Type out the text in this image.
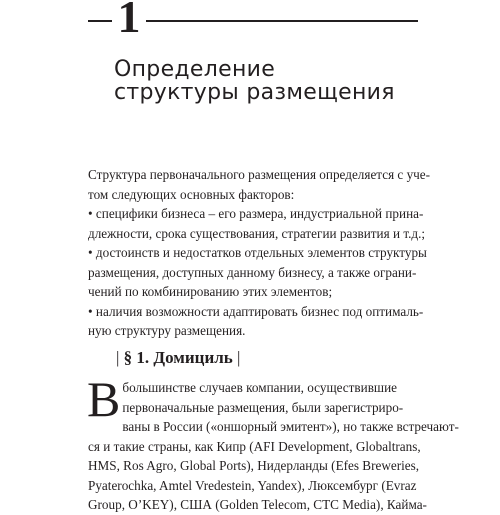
1
Определение
структуры размещения
Структура первоначального размещения определяется с уче-
том следующих основных факторов:
• специфики бизнеса – его размера, индустриальной прина-
длежности, срока существования, стратегии развития и т.д.;
• достоинств и недостатков отдельных элементов структуры
размещения, доступных данному бизнесу, а также ограни-
чений по комбинированию этих элементов;
• наличия возможности адаптировать бизнес под оптималь-
ную структуру размещения.
| § 1. Домициль |
В большинстве случаев компании, осуществившие
первоначальные размещения, были зарегистриро-
ваны в России («оншорный эмитент»), но также встречают-
ся и такие страны, как Кипр (AFI Development, Globaltrans,
HMS, Ros Agro, Global Ports), Нидерланды (Efes Breweries,
Pyaterochka, Amtel Vredestein, Yandex), Люксембург (Evraz
Group, O’KEY), США (Golden Telecom, CTC Media), Кайма-
